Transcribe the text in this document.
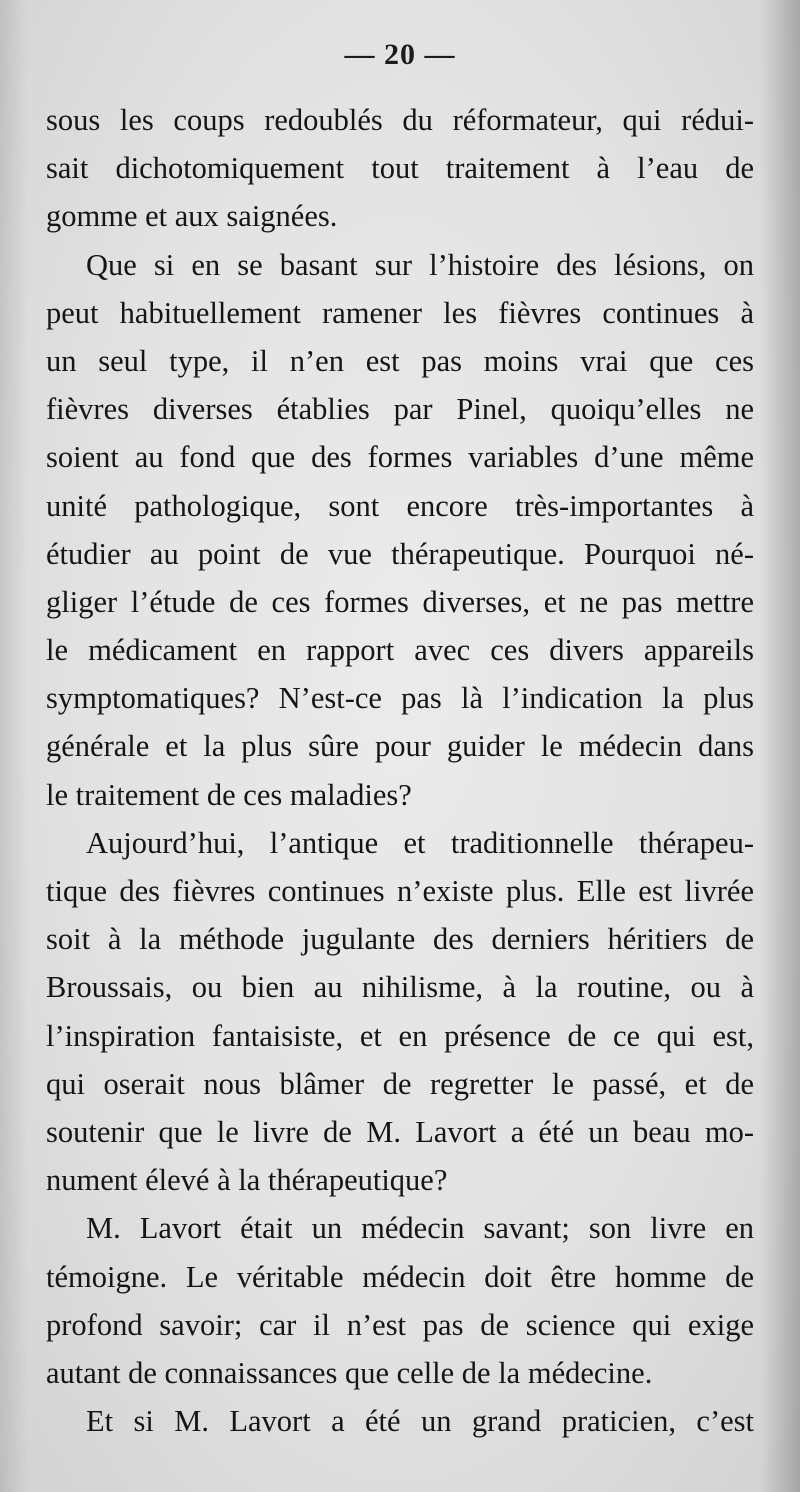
— 20 —
sous les coups redoublés du réformateur, qui rédui-
sait dichotomiquement tout traitement à l’eau de
gomme et aux saignées.
Que si en se basant sur l’histoire des lésions, on
peut habituellement ramener les fièvres continues à
un seul type, il n’en est pas moins vrai que ces
fièvres diverses établies par Pinel, quoiqu’elles ne
soient au fond que des formes variables d’une même
unité pathologique, sont encore très-importantes à
étudier au point de vue thérapeutique. Pourquoi né-
gliger l’étude de ces formes diverses, et ne pas mettre
le médicament en rapport avec ces divers appareils
symptomatiques? N’est-ce pas là l’indication la plus
générale et la plus sûre pour guider le médecin dans
le traitement de ces maladies?
Aujourd’hui, l’antique et traditionnelle thérapeu-
tique des fièvres continues n’existe plus. Elle est livrée
soit à la méthode jugulante des derniers héritiers de
Broussais, ou bien au nihilisme, à la routine, ou à
l’inspiration fantaisiste, et en présence de ce qui est,
qui oserait nous blâmer de regretter le passé, et de
soutenir que le livre de M. Lavort a été un beau mo-
nument élevé à la thérapeutique?
M. Lavort était un médecin savant; son livre en
témoigne. Le véritable médecin doit être homme de
profond savoir; car il n’est pas de science qui exige
autant de connaissances que celle de la médecine.
Et si M. Lavort a été un grand praticien, c’est
